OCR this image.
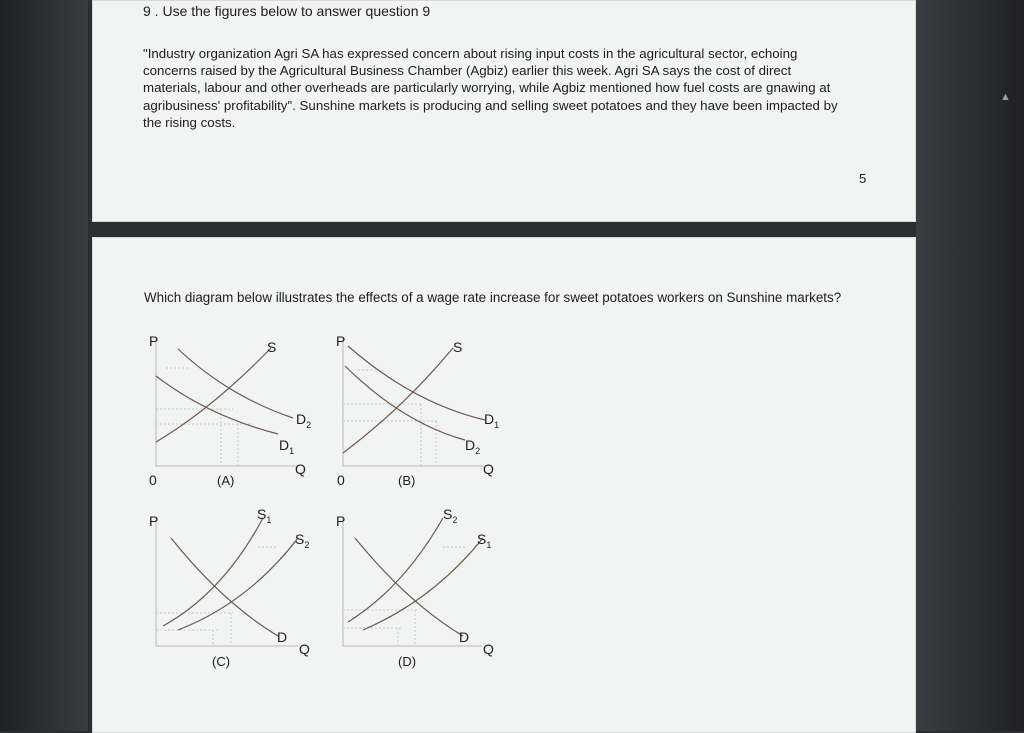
▲
9 . Use the figures below to answer question 9
"Industry organization Agri SA has expressed concern about rising input costs in the agricultural sector, echoing concerns raised by the Agricultural Business Chamber (Agbiz) earlier this week. Agri SA says the cost of direct materials, labour and other overheads are particularly worrying, while Agbiz mentioned how fuel costs are gnawing at agribusiness' profitability". Sunshine markets is producing and selling sweet potatoes and they have been impacted by the rising costs.
5
Which diagram below illustrates the effects of a wage rate increase for sweet potatoes workers on Sunshine markets?
P	S
$D_2$
$D_1$
Q
0	(A)
P	S
$D_1$
$D_2$
Q
0	(B)
P	$S_1$
$S_2$
D
Q
(C)
P	$S_2$
$S_1$
D
Q
(D)
